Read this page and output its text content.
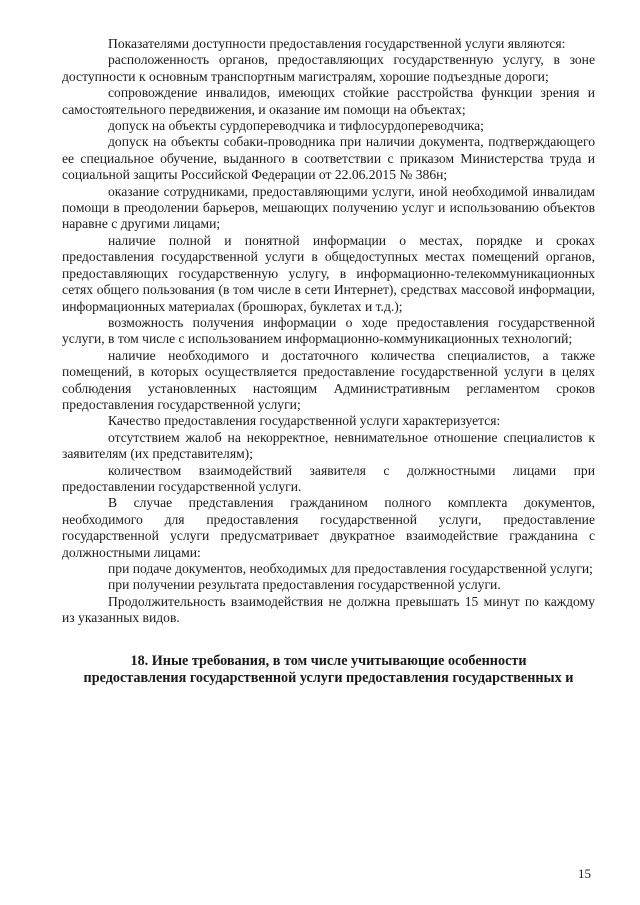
Показателями доступности предоставления государственной услуги являются:

расположенность органов, предоставляющих государственную услугу, в зоне доступности к основным транспортным магистралям, хорошие подъездные дороги;

сопровождение инвалидов, имеющих стойкие расстройства функции зрения и самостоятельного передвижения, и оказание им помощи на объектах;

допуск на объекты сурдопереводчика и тифлосурдопереводчика;

допуск на объекты собаки-проводника при наличии документа, подтверждающего ее специальное обучение, выданного в соответствии с приказом Министерства труда и социальной защиты Российской Федерации от 22.06.2015 № 386н;

оказание сотрудниками, предоставляющими услуги, иной необходимой инвалидам помощи в преодолении барьеров, мешающих получению услуг и использованию объектов наравне с другими лицами;

наличие полной и понятной информации о местах, порядке и сроках предоставления государственной услуги в общедоступных местах помещений органов, предоставляющих государственную услугу, в информационно-телекоммуникационных сетях общего пользования (в том числе в сети Интернет), средствах массовой информации, информационных материалах (брошюрах, буклетах и т.д.);

возможность получения информации о ходе предоставления государственной услуги, в том числе с использованием информационно-коммуникационных технологий;

наличие необходимого и достаточного количества специалистов, а также помещений, в которых осуществляется предоставление государственной услуги в целях соблюдения установленных настоящим Административным регламентом сроков предоставления государственной услуги;

Качество предоставления государственной услуги характеризуется:

отсутствием жалоб на некорректное, невнимательное отношение специалистов к заявителям (их представителям);

количеством взаимодействий заявителя с должностными лицами при предоставлении государственной услуги.

В случае представления гражданином полного комплекта документов, необходимого для предоставления государственной услуги, предоставление государственной услуги предусматривает двукратное взаимодействие гражданина с должностными лицами:

при подаче документов, необходимых для предоставления государственной услуги;

при получении результата предоставления государственной услуги.

Продолжительность взаимодействия не должна превышать 15 минут по каждому из указанных видов.

18. Иные требования, в том числе учитывающие особенности
предоставления государственной услуги предоставления государственных и
15
